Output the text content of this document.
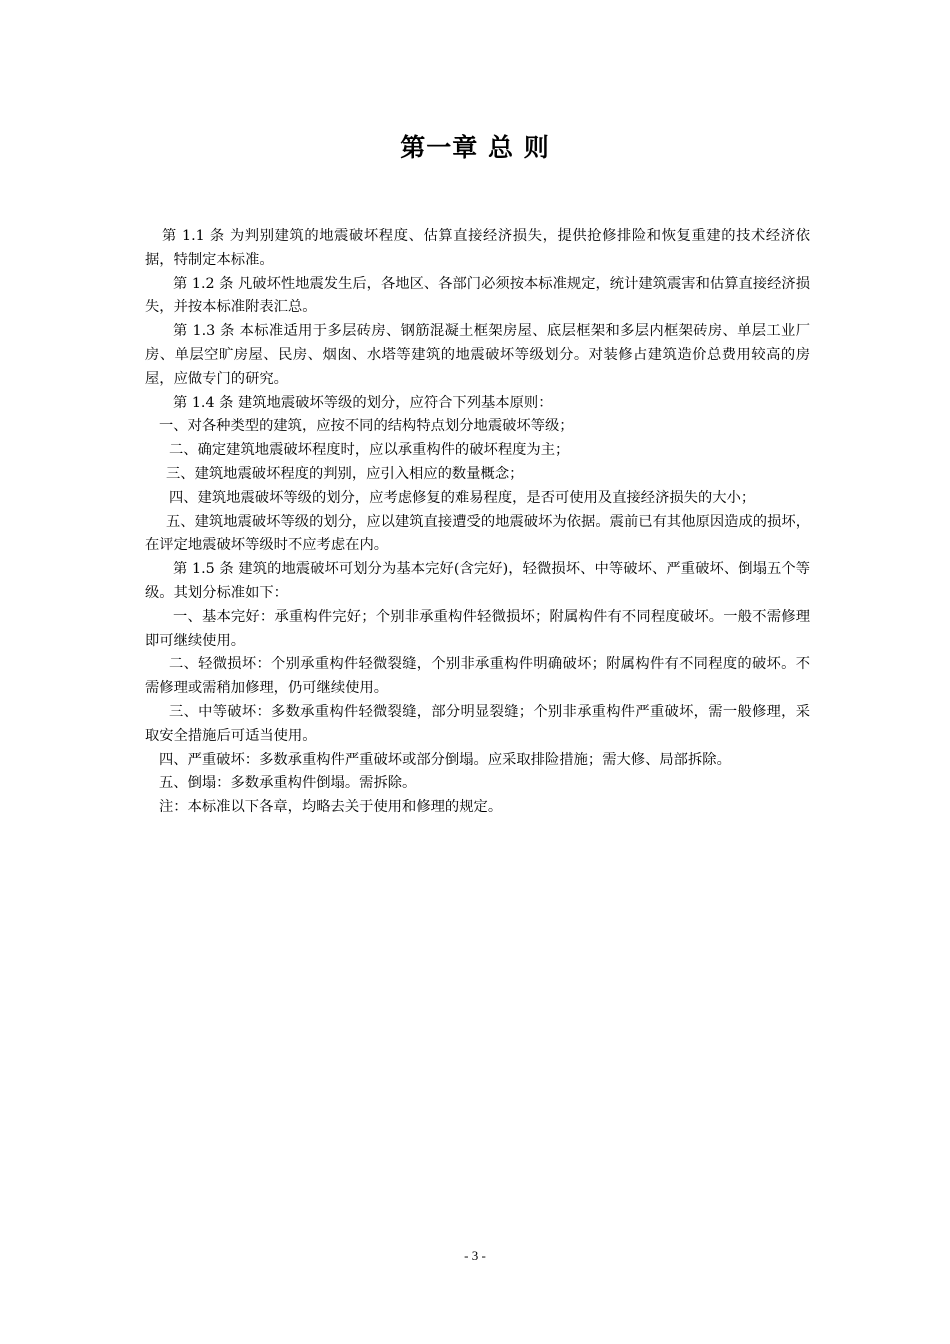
第一章 总 则

第 1.1 条 为判别建筑的地震破坏程度、估算直接经济损失，提供抢修排险和恢复重建的技术经济依据，特制定本标准。

第 1.2 条 凡破坏性地震发生后，各地区、各部门必须按本标准规定，统计建筑震害和估算直接经济损失，并按本标准附表汇总。

第 1.3 条 本标准适用于多层砖房、钢筋混凝土框架房屋、底层框架和多层内框架砖房、单层工业厂房、单层空旷房屋、民房、烟囱、水塔等建筑的地震破坏等级划分。对装修占建筑造价总费用较高的房屋，应做专门的研究。

第 1.4 条 建筑地震破坏等级的划分，应符合下列基本原则：

一、对各种类型的建筑，应按不同的结构特点划分地震破坏等级；

二、确定建筑地震破坏程度时，应以承重构件的破坏程度为主；

三、建筑地震破坏程度的判别，应引入相应的数量概念；

四、建筑地震破坏等级的划分，应考虑修复的难易程度，是否可使用及直接经济损失的大小；

五、建筑地震破坏等级的划分，应以建筑直接遭受的地震破坏为依据。震前已有其他原因造成的损坏，在评定地震破坏等级时不应考虑在内。

第 1.5 条 建筑的地震破坏可划分为基本完好(含完好)，轻微损坏、中等破坏、严重破坏、倒塌五个等级。其划分标准如下：

一、基本完好：承重构件完好；个别非承重构件轻微损坏；附属构件有不同程度破坏。一般不需修理即可继续使用。

二、轻微损坏：个别承重构件轻微裂缝，个别非承重构件明确破坏；附属构件有不同程度的破坏。不需修理或需稍加修理，仍可继续使用。

三、中等破坏：多数承重构件轻微裂缝，部分明显裂缝；个别非承重构件严重破坏，需一般修理，采取安全措施后可适当使用。

四、严重破坏：多数承重构件严重破坏或部分倒塌。应采取排险措施；需大修、局部拆除。

五、倒塌：多数承重构件倒塌。需拆除。

注：本标准以下各章，均略去关于使用和修理的规定。

- 3 -
